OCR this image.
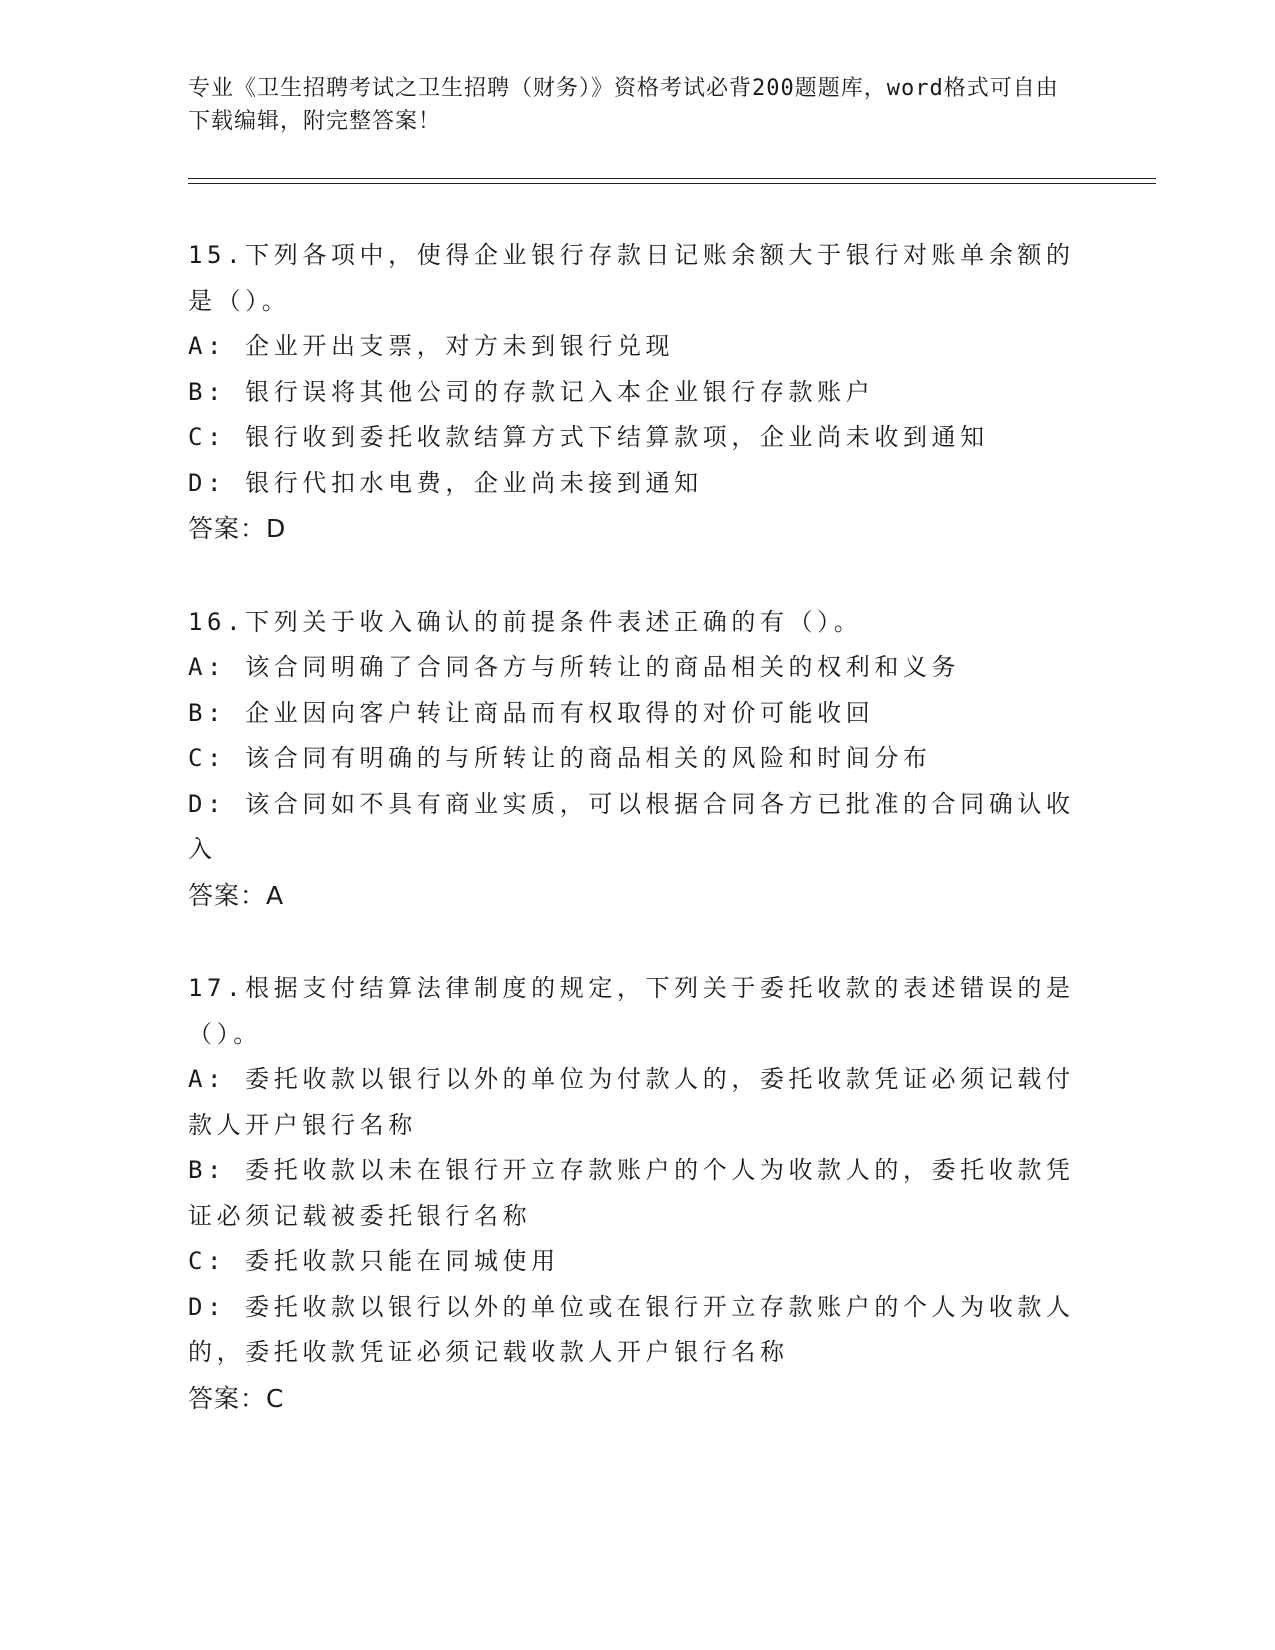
专业《卫生招聘考试之卫生招聘（财务）》资格考试必背200题题库，word格式可自由下载编辑，附完整答案！

15.下列各项中，使得企业银行存款日记账余额大于银行对账单余额的是（）。

A: 企业开出支票，对方未到银行兑现

B: 银行误将其他公司的存款记入本企业银行存款账户

C: 银行收到委托收款结算方式下结算款项，企业尚未收到通知

D: 银行代扣水电费，企业尚未接到通知

答案：D

16.下列关于收入确认的前提条件表述正确的有（）。

A: 该合同明确了合同各方与所转让的商品相关的权利和义务

B: 企业因向客户转让商品而有权取得的对价可能收回

C: 该合同有明确的与所转让的商品相关的风险和时间分布

D: 该合同如不具有商业实质，可以根据合同各方已批准的合同确认收入

答案：A

17.根据支付结算法律制度的规定，下列关于委托收款的表述错误的是（）。

A: 委托收款以银行以外的单位为付款人的，委托收款凭证必须记载付款人开户银行名称

B: 委托收款以未在银行开立存款账户的个人为收款人的，委托收款凭证必须记载被委托银行名称

C: 委托收款只能在同城使用

D: 委托收款以银行以外的单位或在银行开立存款账户的个人为收款人的，委托收款凭证必须记载收款人开户银行名称

答案：C
